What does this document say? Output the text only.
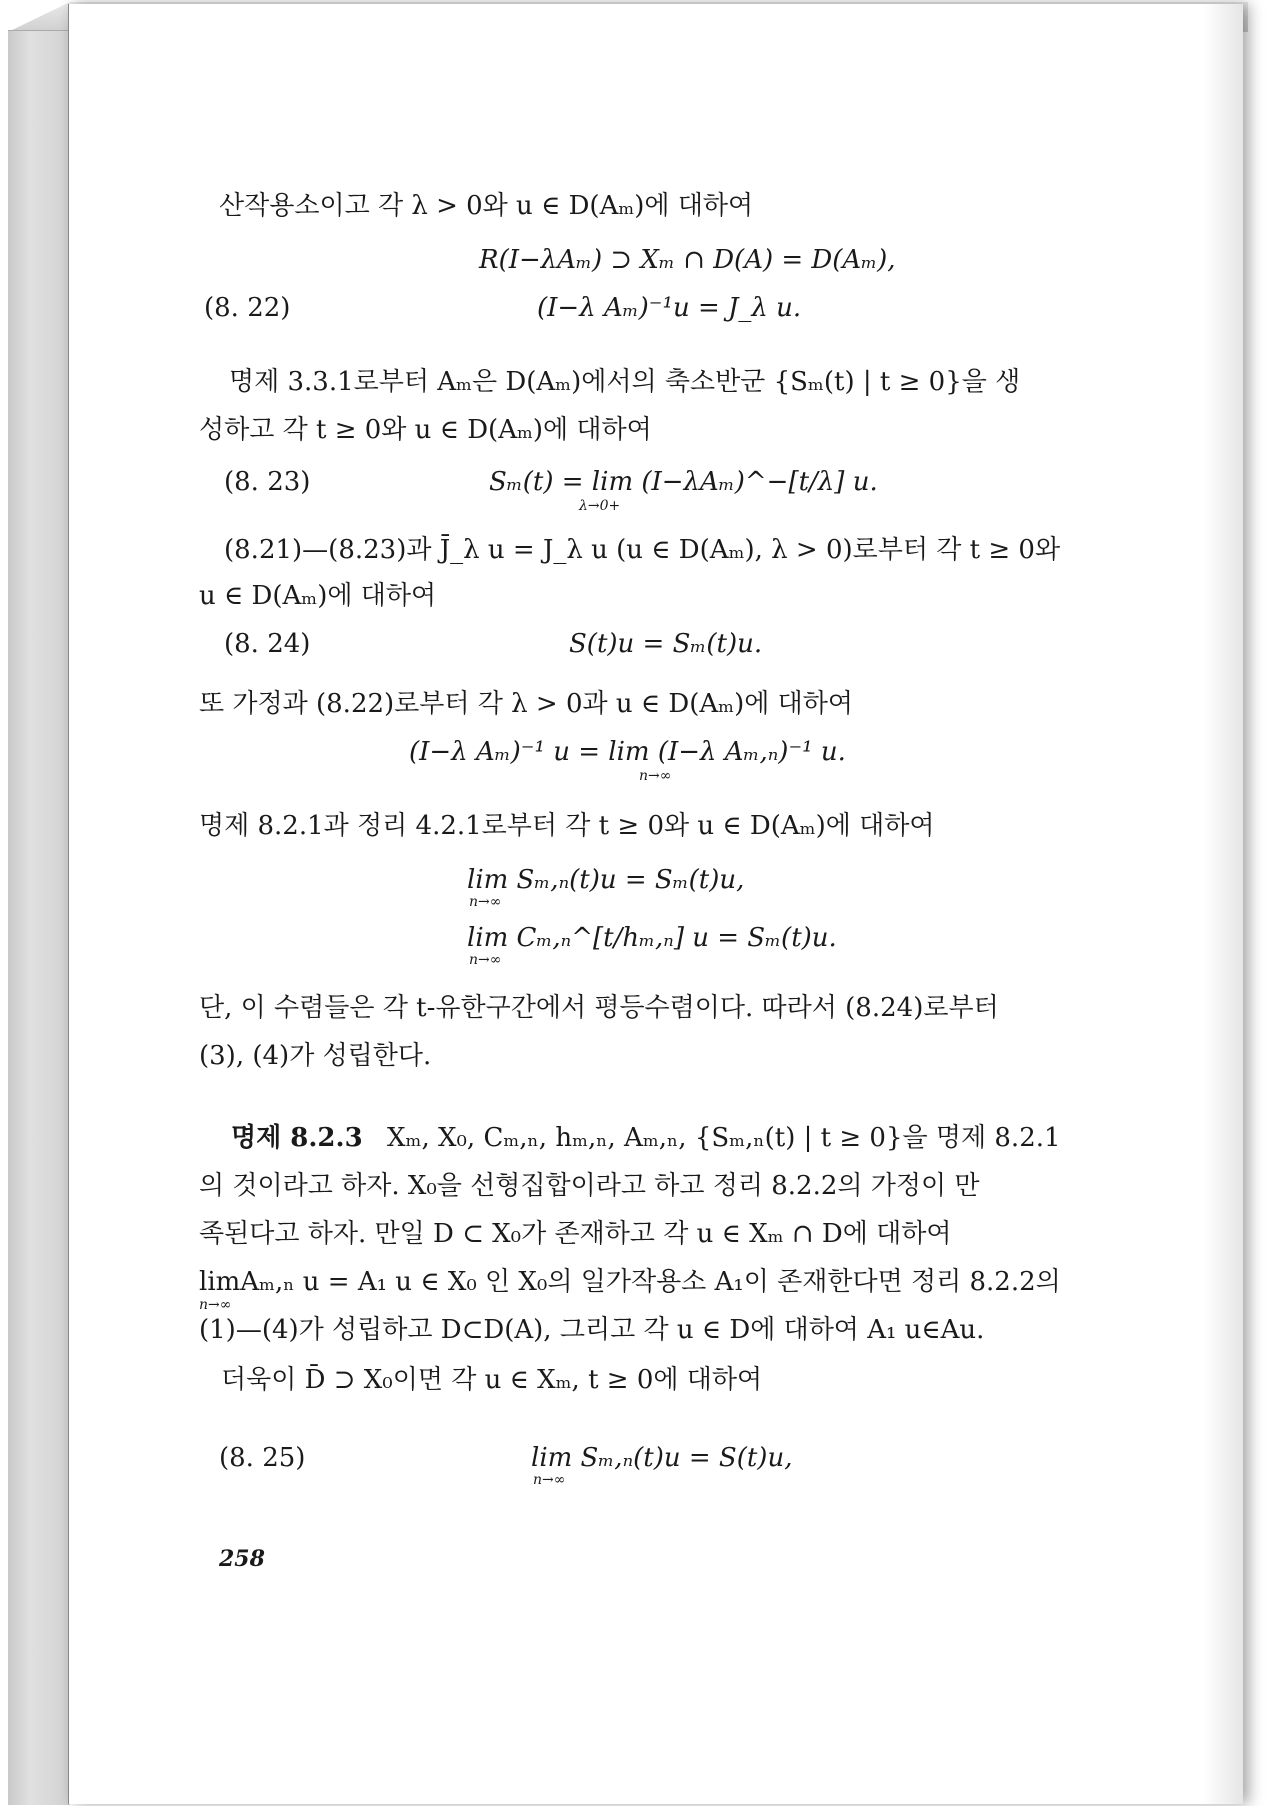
산작용소이고 각 λ > 0와 u ∈ D(Aₘ)에 대하여
R(I−λAₘ) ⊃ Xₘ ∩ D(A) = D(Aₘ),
(8. 22)	(I−λ Aₘ)⁻¹u = J_λ u.
명제 3.3.1로부터 Aₘ은 D(Aₘ)에서의 축소반군 {Sₘ(t) | t ≥ 0}을 생
성하고 각 t ≥ 0와 u ∈ D(Aₘ)에 대하여
(8. 23)	Sₘ(t) = lim (I−λAₘ)^−[t/λ] u.
λ→0+
(8.21)—(8.23)과 J̄_λ u = J_λ u (u ∈ D(Aₘ), λ > 0)로부터 각 t ≥ 0와
u ∈ D(Aₘ)에 대하여
(8. 24)	S(t)u = Sₘ(t)u.
또 가정과 (8.22)로부터 각 λ > 0과 u ∈ D(Aₘ)에 대하여
(I−λ Aₘ)⁻¹ u = lim (I−λ Aₘ,ₙ)⁻¹ u.
n→∞
명제 8.2.1과 정리 4.2.1로부터 각 t ≥ 0와 u ∈ D(Aₘ)에 대하여
lim Sₘ,ₙ(t)u = Sₘ(t)u,
n→∞
lim Cₘ,ₙ^[t/hₘ,ₙ] u = Sₘ(t)u.
n→∞
단, 이 수렴들은 각 t-유한구간에서 평등수렴이다. 따라서 (8.24)로부터
(3), (4)가 성립한다.
명제 8.2.3 Xₘ, X₀, Cₘ,ₙ, hₘ,ₙ, Aₘ,ₙ, {Sₘ,ₙ(t) | t ≥ 0}을 명제 8.2.1
의 것이라고 하자. X₀을 선형집합이라고 하고 정리 8.2.2의 가정이 만
족된다고 하자. 만일 D ⊂ X₀가 존재하고 각 u ∈ Xₘ ∩ D에 대하여
limAₘ,ₙ u = A₁ u ∈ X₀ 인 X₀의 일가작용소 A₁이 존재한다면 정리 8.2.2의
n→∞
(1)—(4)가 성립하고 D⊂D(A), 그리고 각 u ∈ D에 대하여 A₁ u∈Au.
더욱이 D̄ ⊃ X₀이면 각 u ∈ Xₘ, t ≥ 0에 대하여
(8. 25)	lim Sₘ,ₙ(t)u = S(t)u,
n→∞
258
